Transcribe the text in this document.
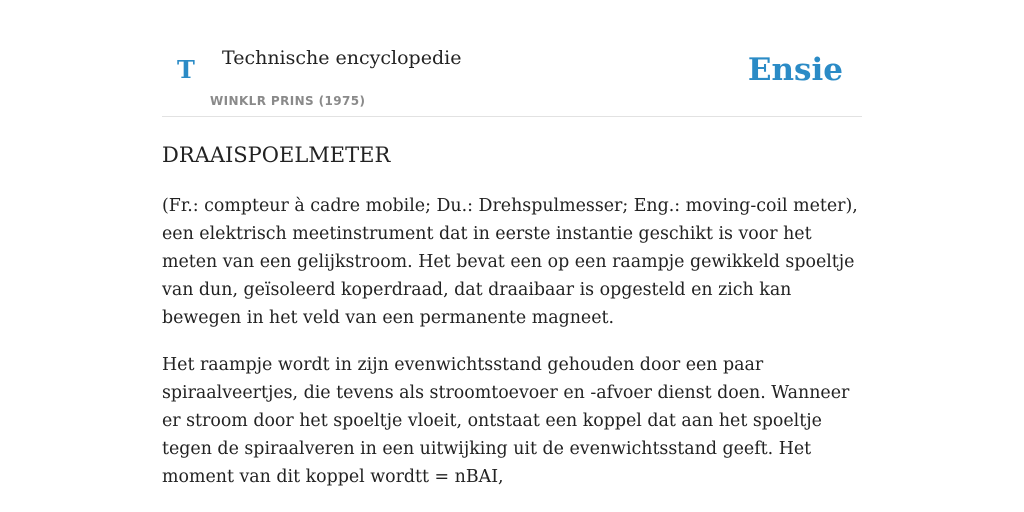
T Technische encyclopedie
WINKLR PRINS (1975)
Ensie
DRAAISPOELMETER

(Fr.: compteur à cadre mobile; Du.: Drehspulmesser; Eng.: moving-coil meter), een elektrisch meetinstrument dat in eerste instantie geschikt is voor het meten van een gelijkstroom. Het bevat een op een raampje gewikkeld spoeltje van dun, geïsoleerd koperdraad, dat draaibaar is opgesteld en zich kan bewegen in het veld van een permanente magneet.

Het raampje wordt in zijn evenwichtsstand gehouden door een paar spiraalveertjes, die tevens als stroomtoevoer en -afvoer dienst doen. Wanneer er stroom door het spoeltje vloeit, ontstaat een koppel dat aan het spoeltje tegen de spiraalveren in een uitwijking uit de evenwichtsstand geeft. Het moment van dit koppel wordtt = nBAI,
